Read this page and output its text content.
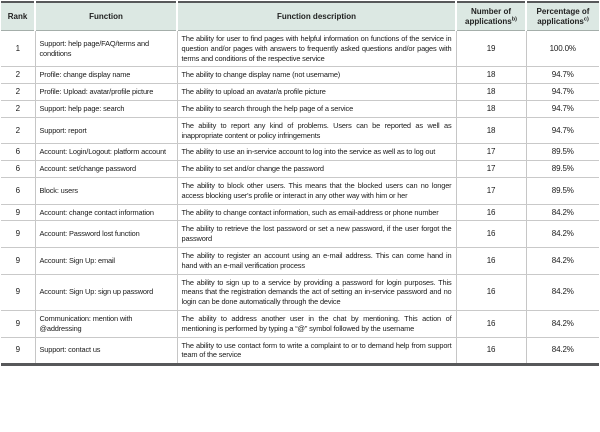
Rank	Function	Function description	Number of applications$^{b)}$	Percentage of applications$^{c)}$
1	Support: help page/FAQ/terms and conditions	The ability for user to find pages with helpful information on functions of the service in question and/or pages with answers to frequently asked questions and/or pages with terms and conditions of the respective service	19	100.0%
2	Profile: change display name	The ability to change display name (not username)	18	94.7%
2	Profile: Upload: avatar/profile picture	The ability to upload an avatar/a profile picture	18	94.7%
2	Support: help page: search	The ability to search through the help page of a service	18	94.7%
2	Support: report	The ability to report any kind of problems. Users can be reported as well as inappropriate content or policy infringements	18	94.7%
6	Account: Login/Logout: platform account	The ability to use an in-service account to log into the service as well as to log out	17	89.5%
6	Account: set/change password	The ability to set and/or change the password	17	89.5%
6	Block: users	The ability to block other users. This means that the blocked users can no longer access blocking user's profile or interact in any other way with him or her	17	89.5%
9	Account: change contact information	The ability to change contact information, such as email-address or phone number	16	84.2%
9	Account: Password lost function	The ability to retrieve the lost password or set a new password, if the user forgot the password	16	84.2%
9	Account: Sign Up: email	The ability to register an account using an e-mail address. This can come hand in hand with an e-mail verification process	16	84.2%
9	Account: Sign Up: sign up password	The ability to sign up to a service by providing a password for login purposes. This means that the registration demands the act of setting an in-service password and no login can be done automatically through the device	16	84.2%
9	Communication: mention with @addressing	The ability to address another user in the chat by mentioning. This action of mentioning is performed by typing a “@” symbol followed by the username	16	84.2%
9	Support: contact us	The ability to use contact form to write a complaint to or to demand help from support team of the service	16	84.2%
